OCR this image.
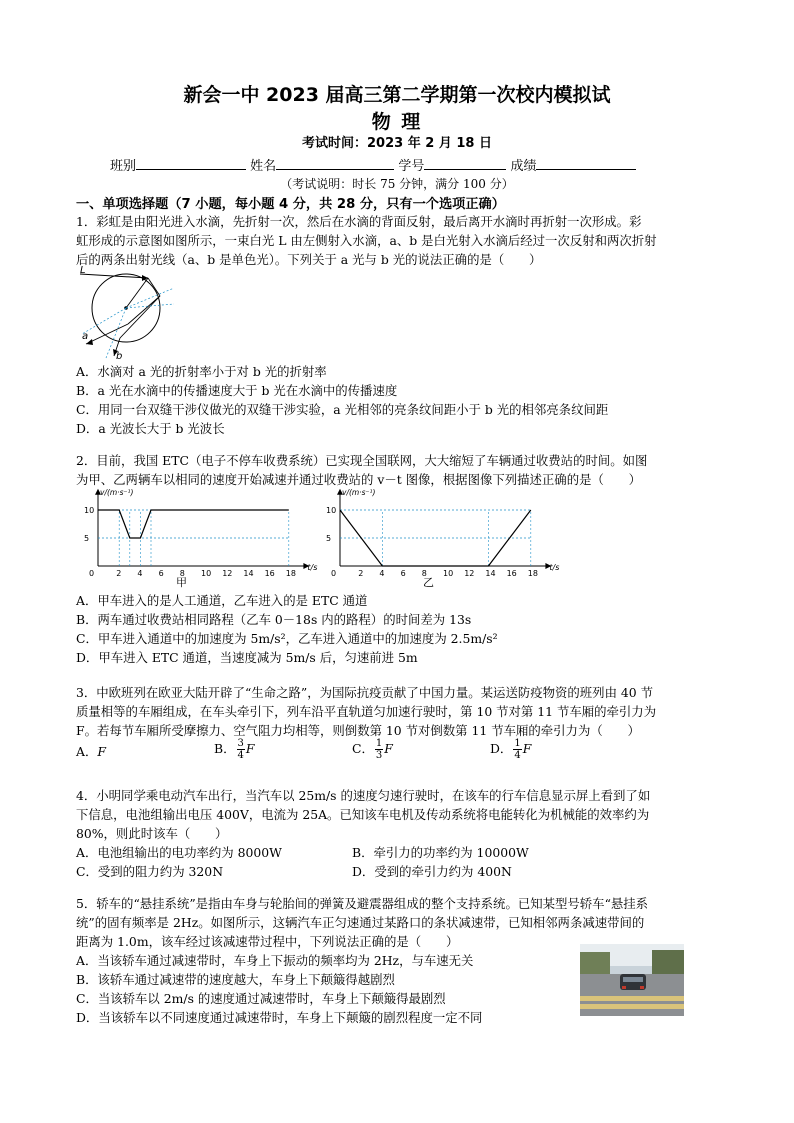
新会一中 2023 届高三第二学期第一次校内模拟试
物 理
考试时间：2023 年 2 月 18 日
班别	姓名	学号	成绩
（考试说明：时长 75 分钟，满分 100 分）
一、单项选择题（7 小题，每小题 4 分，共 28 分，只有一个选项正确）
1．彩虹是由阳光进入水滴，先折射一次，然后在水滴的背面反射，最后离开水滴时再折射一次形成。彩
虹形成的示意图如图所示，一束白光 L 由左侧射入水滴，a、b 是白光射入水滴后经过一次反射和两次折射
后的两条出射光线（a、b 是单色光）。下列关于 a 光与 b 光的说法正确的是（　　）
L
a
b
A．水滴对 a 光的折射率小于对 b 光的折射率
B．a 光在水滴中的传播速度大于 b 光在水滴中的传播速度
C．用同一台双缝干涉仪做光的双缝干涉实验，a 光相邻的亮条纹间距小于 b 光的相邻亮条纹间距
D．a 光波长大于 b 光波长
2．目前，我国 ETC（电子不停车收费系统）已实现全国联网，大大缩短了车辆通过收费站的时间。如图
为甲、乙两辆车以相同的速度开始减速并通过收费站的 v－t 图像，根据图像下列描述正确的是（　　）
0	2 4 6 8 10 12 14 16 18
10
5
v/(m·s⁻¹)
t/s
0	2 4 6 8 10 12 14 16 18
10
5
v/(m·s⁻¹)
t/s
甲	乙
A．甲车进入的是人工通道，乙车进入的是 ETC 通道
B．两车通过收费站相同路程（乙车 0－18s 内的路程）的时间差为 13s
C．甲车进入通道中的加速度为 5m/s²，乙车进入通道中的加速度为 2.5m/s²
D．甲车进入 ETC 通道，当速度减为 5m/s 后，匀速前进 5m
3．中欧班列在欧亚大陆开辟了“生命之路”，为国际抗疫贡献了中国力量。某运送防疫物资的班列由 40 节
质量相等的车厢组成，在车头牵引下，列车沿平直轨道匀加速行驶时，第 10 节对第 11 节车厢的牵引力为
F。若每节车厢所受摩擦力、空气阻力均相等，则倒数第 10 节对倒数第 11 节车厢的牵引力为（　　）
A．F	B． $\frac{3}{4}$ F	C． $\frac{1}{3}$ F	D． $\frac{1}{4}$ F
4．小明同学乘电动汽车出行，当汽车以 25m/s 的速度匀速行驶时，在该车的行车信息显示屏上看到了如
下信息，电池组输出电压 400V，电流为 25A。已知该车电机及传动系统将电能转化为机械能的效率约为
80%，则此时该车（　　）
A．电池组输出的电功率约为 8000W	B．牵引力的功率约为 10000W
C．受到的阻力约为 320N	D．受到的牵引力约为 400N
5．轿车的“悬挂系统”是指由车身与轮胎间的弹簧及避震器组成的整个支持系统。已知某型号轿车“悬挂系
统”的固有频率是 2Hz。如图所示，这辆汽车正匀速通过某路口的条状减速带，已知相邻两条减速带间的
距离为 1.0m，该车经过该减速带过程中，下列说法正确的是（　　）
A．当该轿车通过减速带时，车身上下振动的频率均为 2Hz，与车速无关
B．该轿车通过减速带的速度越大，车身上下颠簸得越剧烈
C．当该轿车以 2m/s 的速度通过减速带时，车身上下颠簸得最剧烈
D．当该轿车以不同速度通过减速带时，车身上下颠簸的剧烈程度一定不同
